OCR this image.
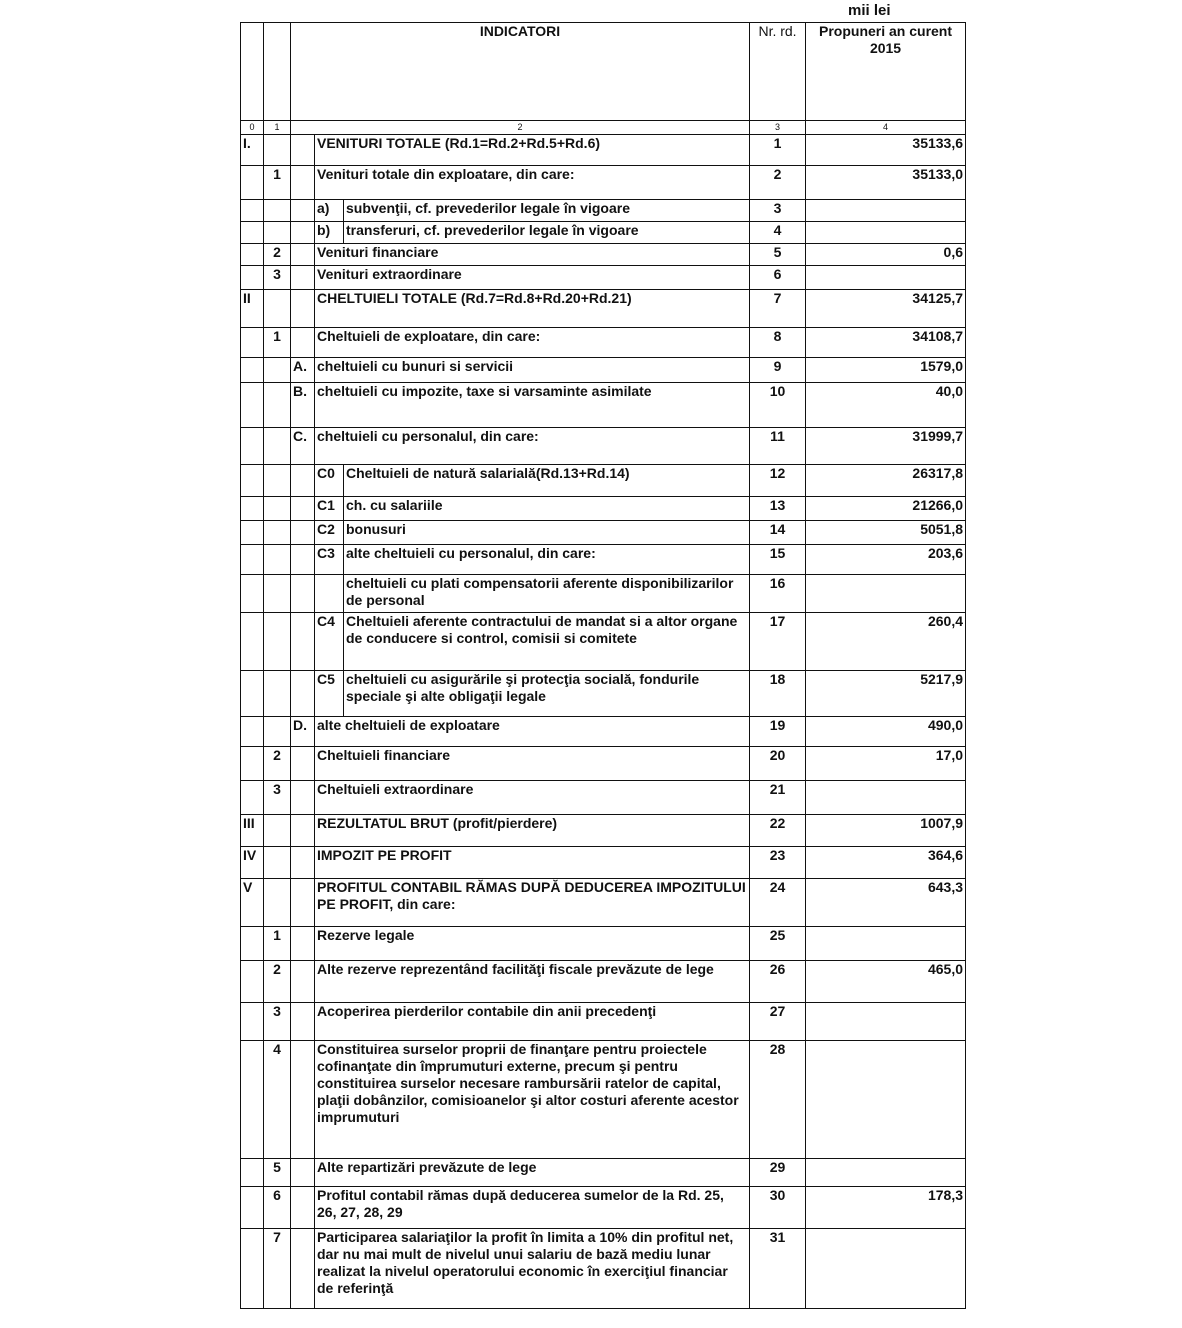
mii lei
		INDICATORI			Nr. rd.	Propuneri an curent 2015
0	1	2			3	4
I.			VENITURI TOTALE (Rd.1=Rd.2+Rd.5+Rd.6)		1	35133,6
	1		Venituri totale din exploatare, din care:		2	35133,0
			a)	subvenţii, cf. prevederilor legale în vigoare	3	
			b)	transferuri, cf. prevederilor legale în vigoare	4	
	2		Venituri financiare		5	0,6
	3		Venituri extraordinare		6	
II			CHELTUIELI TOTALE (Rd.7=Rd.8+Rd.20+Rd.21)		7	34125,7
	1		Cheltuieli de exploatare, din care:		8	34108,7
		A.	cheltuieli cu bunuri si servicii		9	1579,0
		B.	cheltuieli cu impozite, taxe si varsaminte asimilate		10	40,0
		C.	cheltuieli cu personalul, din care:		11	31999,7
			C0	Cheltuieli de natură salarială(Rd.13+Rd.14)	12	26317,8
			C1	ch. cu salariile	13	21266,0
			C2	bonusuri	14	5051,8
			C3	alte cheltuieli cu personalul, din care:	15	203,6
				cheltuieli cu plati compensatorii aferente disponibilizarilor de personal	16	
			C4	Cheltuieli aferente contractului de mandat si a altor organe de conducere si control, comisii si comitete	17	260,4
			C5	cheltuieli cu asigurările şi protecţia socială, fondurile speciale şi alte obligaţii legale	18	5217,9
		D.	alte cheltuieli de exploatare		19	490,0
	2		Cheltuieli financiare		20	17,0
	3		Cheltuieli extraordinare		21	
III			REZULTATUL BRUT (profit/pierdere)		22	1007,9
IV			IMPOZIT PE PROFIT		23	364,6
V			PROFITUL CONTABIL RĂMAS DUPĂ DEDUCEREA IMPOZITULUI PE PROFIT, din care:		24	643,3
	1		Rezerve legale		25	
	2		Alte rezerve reprezentând facilităţi fiscale prevăzute de lege		26	465,0
	3		Acoperirea pierderilor contabile din anii precedenţi		27	
	4		Constituirea surselor proprii de finanţare pentru proiectele cofinanţate din împrumuturi externe, precum şi pentru constituirea surselor necesare rambursării ratelor de capital, plaţii dobânzilor, comisioanelor şi altor costuri aferente acestor imprumuturi		28	
	5		Alte repartizări prevăzute de lege		29	
	6		Profitul contabil rămas după deducerea sumelor de la Rd. 25, 26, 27, 28, 29		30	178,3
	7		Participarea salariaţilor la profit în limita a 10% din profitul net, dar nu mai mult de nivelul unui salariu de bază mediu lunar realizat la nivelul operatorului economic în exerciţiul financiar de referinţă		31	
